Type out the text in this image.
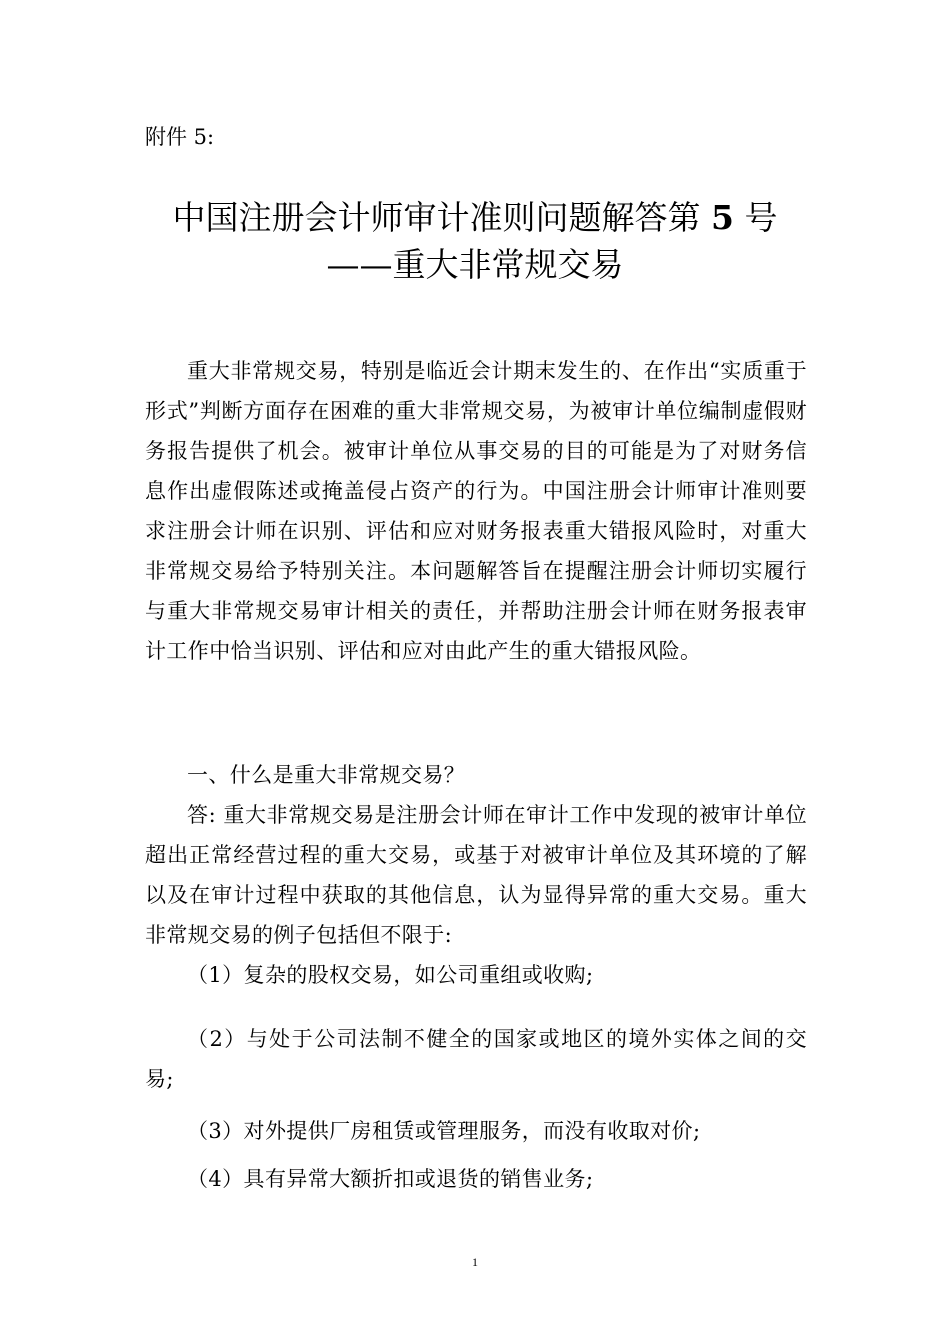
附件 5:
中国注册会计师审计准则问题解答第 5 号
——重大非常规交易

重大非常规交易，特别是临近会计期末发生的、在作出“实质重于形式”判断方面存在困难的重大非常规交易，为被审计单位编制虚假财务报告提供了机会。被审计单位从事交易的目的可能是为了对财务信息作出虚假陈述或掩盖侵占资产的行为。中国注册会计师审计准则要求注册会计师在识别、评估和应对财务报表重大错报风险时，对重大非常规交易给予特别关注。本问题解答旨在提醒注册会计师切实履行与重大非常规交易审计相关的责任，并帮助注册会计师在财务报表审计工作中恰当识别、评估和应对由此产生的重大错报风险。

一、什么是重大非常规交易？

答: 重大非常规交易是注册会计师在审计工作中发现的被审计单位超出正常经营过程的重大交易，或基于对被审计单位及其环境的了解以及在审计过程中获取的其他信息，认为显得异常的重大交易。重大非常规交易的例子包括但不限于:

（1）复杂的股权交易，如公司重组或收购;

（2）与处于公司法制不健全的国家或地区的境外实体之间的交易;

（3）对外提供厂房租赁或管理服务，而没有收取对价;

（4）具有异常大额折扣或退货的销售业务;

1
